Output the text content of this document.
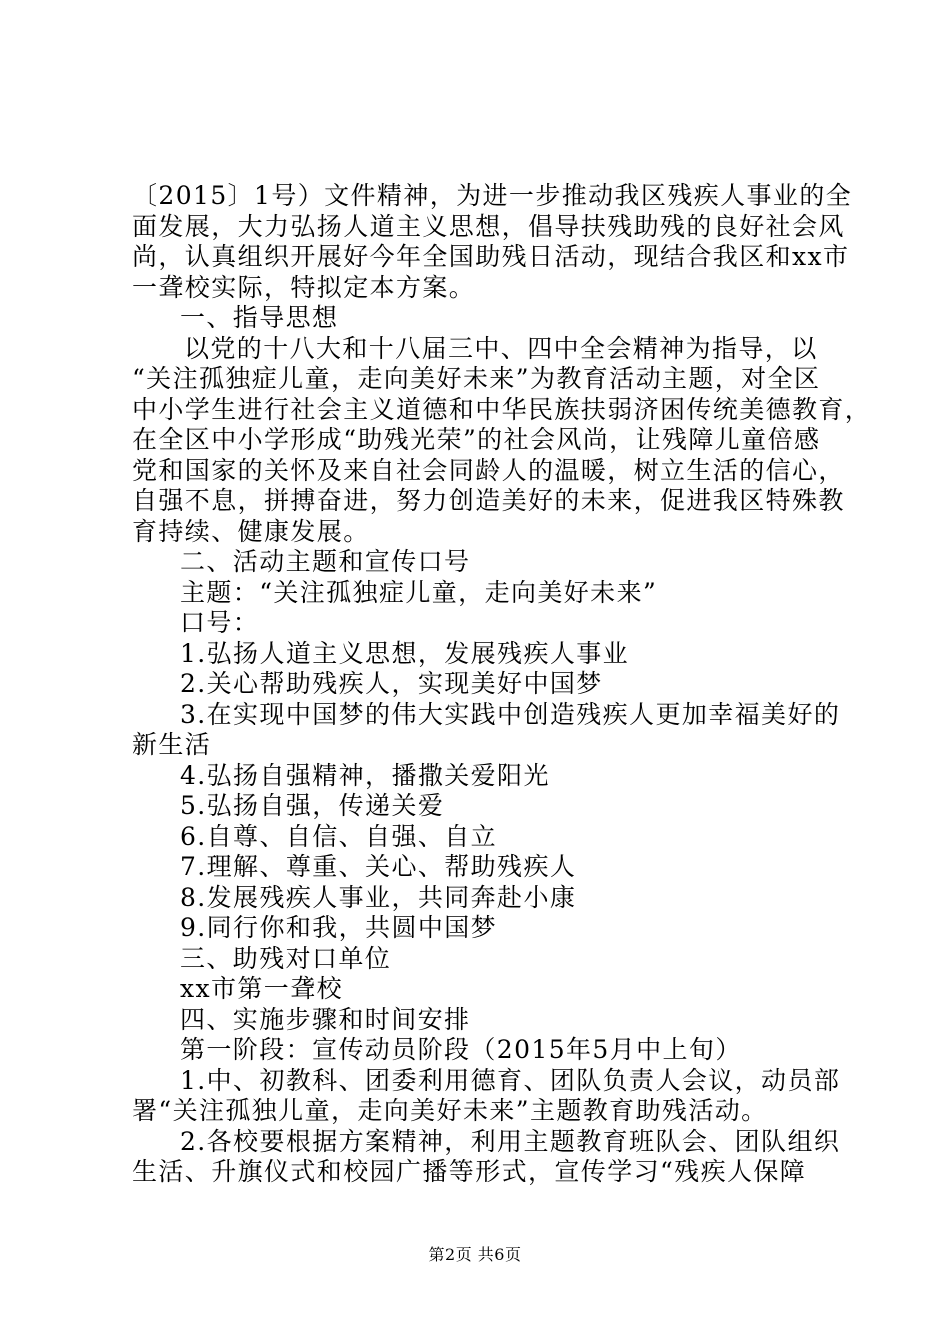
〔2015〕1号）文件精神，为进一步推动我区残疾人事业的全
面发展，大力弘扬人道主义思想，倡导扶残助残的良好社会风
尚，认真组织开展好今年全国助残日活动，现结合我区和xx市
一聋校实际，特拟定本方案。
一、指导思想
以党的十八大和十八届三中、四中全会精神为指导，以
“关注孤独症儿童，走向美好未来”为教育活动主题，对全区
中小学生进行社会主义道德和中华民族扶弱济困传统美德教育，
在全区中小学形成“助残光荣”的社会风尚，让残障儿童倍感
党和国家的关怀及来自社会同龄人的温暖，树立生活的信心，
自强不息，拼搏奋进，努力创造美好的未来，促进我区特殊教
育持续、健康发展。
二、活动主题和宣传口号
主题：“关注孤独症儿童，走向美好未来”
口号：
1.弘扬人道主义思想，发展残疾人事业
2.关心帮助残疾人，实现美好中国梦
3.在实现中国梦的伟大实践中创造残疾人更加幸福美好的
新生活
4.弘扬自强精神，播撒关爱阳光
5.弘扬自强，传递关爱
6.自尊、自信、自强、自立
7.理解、尊重、关心、帮助残疾人
8.发展残疾人事业，共同奔赴小康
9.同行你和我，共圆中国梦
三、助残对口单位
xx市第一聋校
四、实施步骤和时间安排
第一阶段：宣传动员阶段（2015年5月中上旬）
1.中、初教科、团委利用德育、团队负责人会议，动员部
署“关注孤独儿童，走向美好未来”主题教育助残活动。
2.各校要根据方案精神，利用主题教育班队会、团队组织
生活、升旗仪式和校园广播等形式，宣传学习“残疾人保障
第2页 共6页
